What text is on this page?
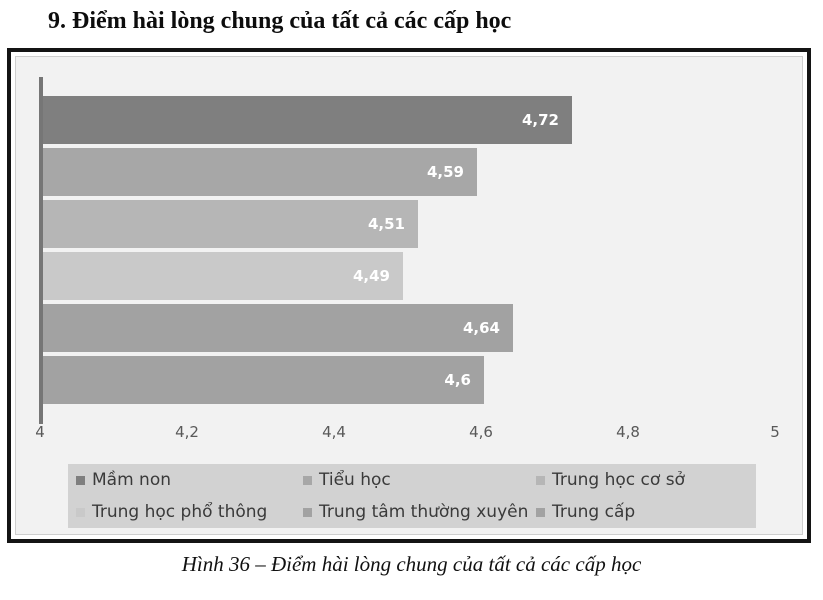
9. Điểm hài lòng chung của tất cả các cấp học
4,72
4,59
4,51
4,49
4,64
4,6
4	4,2	4,4	4,6	4,8	5
Mầm non	Tiểu học	Trung học cơ sở
Trung học phổ thông	Trung tâm thường xuyên Trung cấp
Hình 36 – Điểm hài lòng chung của tất cả các cấp học
